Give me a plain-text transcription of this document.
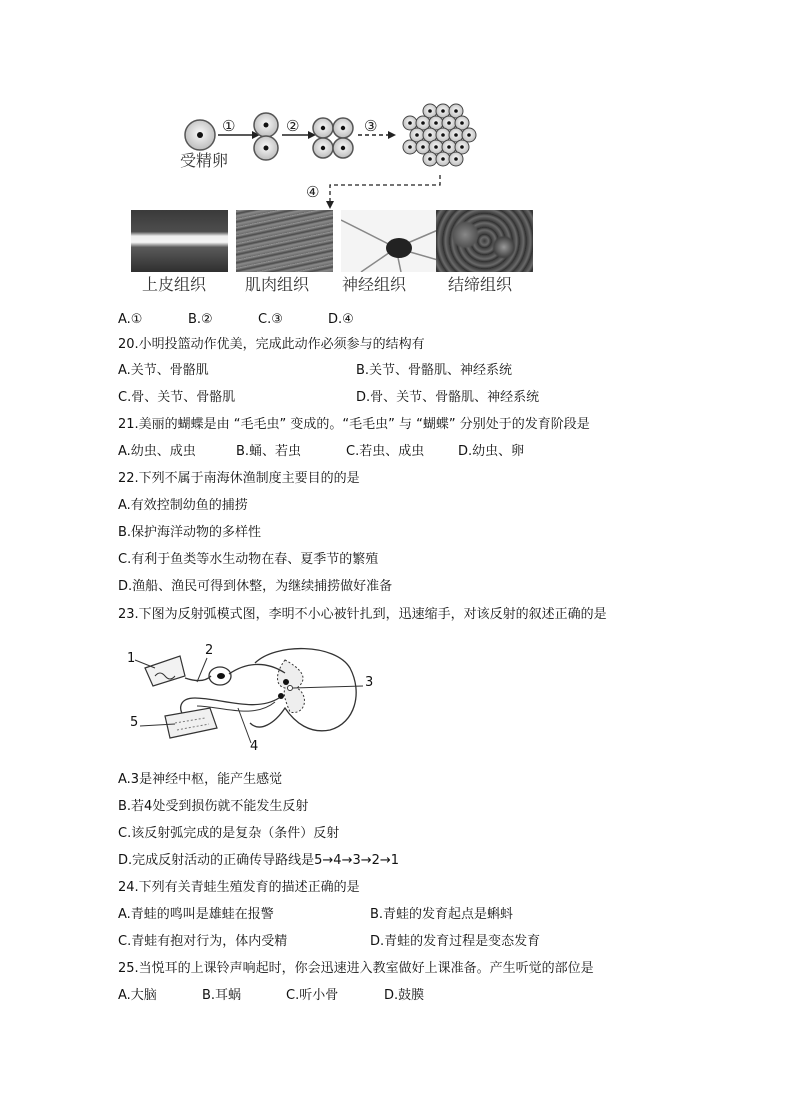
①	②	③
④
受精卵
上皮组织 肌肉组织 神经组织	结缔组织
A.①	B.②	C.③	D.④
20.小明投篮动作优美，完成此动作必须参与的结构有
A.关节、骨骼肌	B.关节、骨骼肌、神经系统
C.骨、关节、骨骼肌	D.骨、关节、骨骼肌、神经系统
21.美丽的蝴蝶是由 “毛毛虫” 变成的。“毛毛虫” 与 “蝴蝶” 分别处于的发育阶段是
A.幼虫、成虫	B.蛹、若虫	C.若虫、成虫	D.幼虫、卵
22.下列不属于南海休渔制度主要目的的是
A.有效控制幼鱼的捕捞
B.保护海洋动物的多样性
C.有利于鱼类等水生动物在春、夏季节的繁殖
D.渔船、渔民可得到休整，为继续捕捞做好准备
23.下图为反射弧模式图，李明不小心被针扎到，迅速缩手，对该反射的叙述正确的是
1
2
3
4
5
A.3是神经中枢，能产生感觉
B.若4处受到损伤就不能发生反射
C.该反射弧完成的是复杂（条件）反射
D.完成反射活动的正确传导路线是5→4→3→2→1
24.下列有关青蛙生殖发育的描述正确的是
A.青蛙的鸣叫是雄蛙在报警	B.青蛙的发育起点是蝌蚪
C.青蛙有抱对行为，体内受精	D.青蛙的发育过程是变态发育
25.当悦耳的上课铃声响起时，你会迅速进入教室做好上课准备。产生听觉的部位是
A.大脑	B.耳蜗	C.听小骨	D.鼓膜
